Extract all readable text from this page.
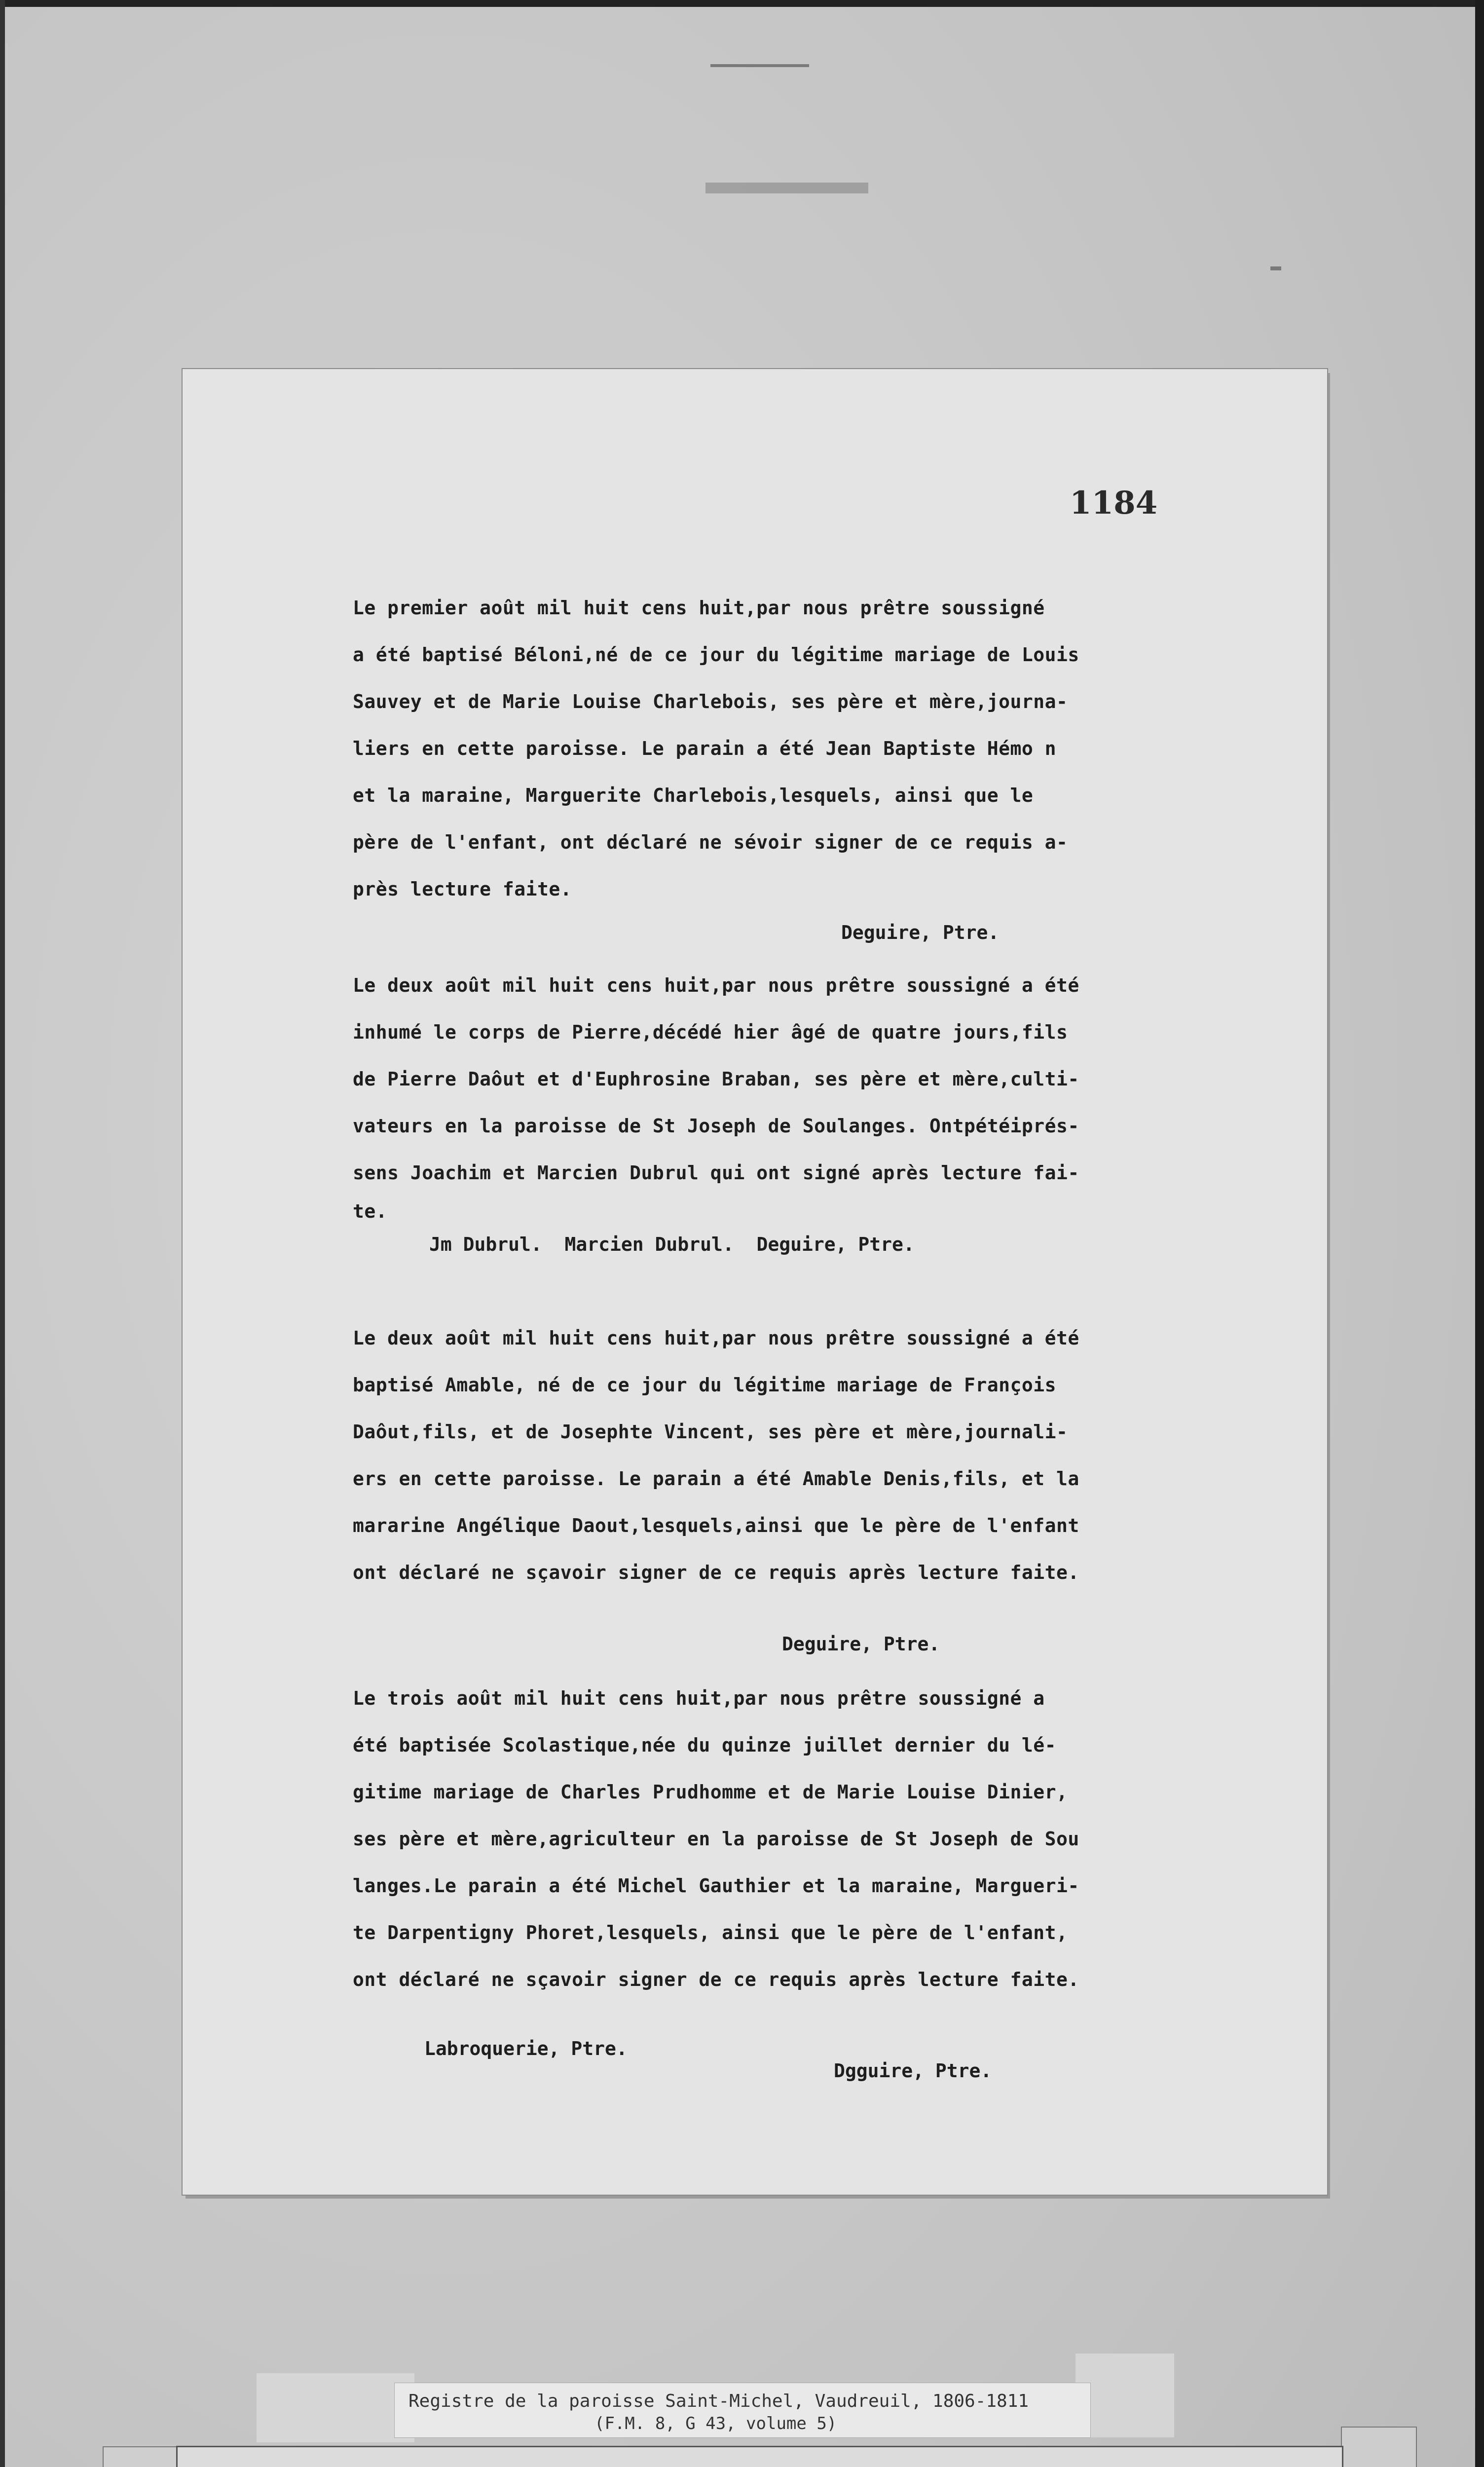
1184
Le premier août mil huit cens huit,par nous prêtre soussigné
a été baptisé Béloni,né de ce jour du légitime mariage de Louis
Sauvey et de Marie Louise Charlebois, ses père et mère,journa-
liers en cette paroisse. Le parain a été Jean Baptiste Hémo n
et la maraine, Marguerite Charlebois,lesquels, ainsi que le
père de l'enfant, ont déclaré ne sévoir signer de ce requis a-
près lecture faite.
Deguire, Ptre.
Le deux août mil huit cens huit,par nous prêtre soussigné a été
inhumé le corps de Pierre,décédé hier âgé de quatre jours,fils
de Pierre Daôut et d'Euphrosine Braban, ses père et mère,culti-
vateurs en la paroisse de St Joseph de Soulanges. Ontpétéiprés-
sens Joachim et Marcien Dubrul qui ont signé après lecture fai-
te.
Jm Dubrul.  Marcien Dubrul.  Deguire, Ptre.
Le deux août mil huit cens huit,par nous prêtre soussigné a été
baptisé Amable, né de ce jour du légitime mariage de François
Daôut,fils, et de Josephte Vincent, ses père et mère,journali-
ers en cette paroisse. Le parain a été Amable Denis,fils, et la
mararine Angélique Daout,lesquels,ainsi que le père de l'enfant
ont déclaré ne sçavoir signer de ce requis après lecture faite.
Deguire, Ptre.
Le trois août mil huit cens huit,par nous prêtre soussigné a
été baptisée Scolastique,née du quinze juillet dernier du lé-
gitime mariage de Charles Prudhomme et de Marie Louise Dinier,
ses père et mère,agriculteur en la paroisse de St Joseph de Sou
langes.Le parain a été Michel Gauthier et la maraine, Margueri-
te Darpentigny Phoret,lesquels, ainsi que le père de l'enfant,
ont déclaré ne sçavoir signer de ce requis après lecture faite.
Labroquerie, Ptre.
Dgguire, Ptre.
Registre de la paroisse Saint-Michel, Vaudreuil, 1806-1811
(F.M. 8, G 43, volume 5)
